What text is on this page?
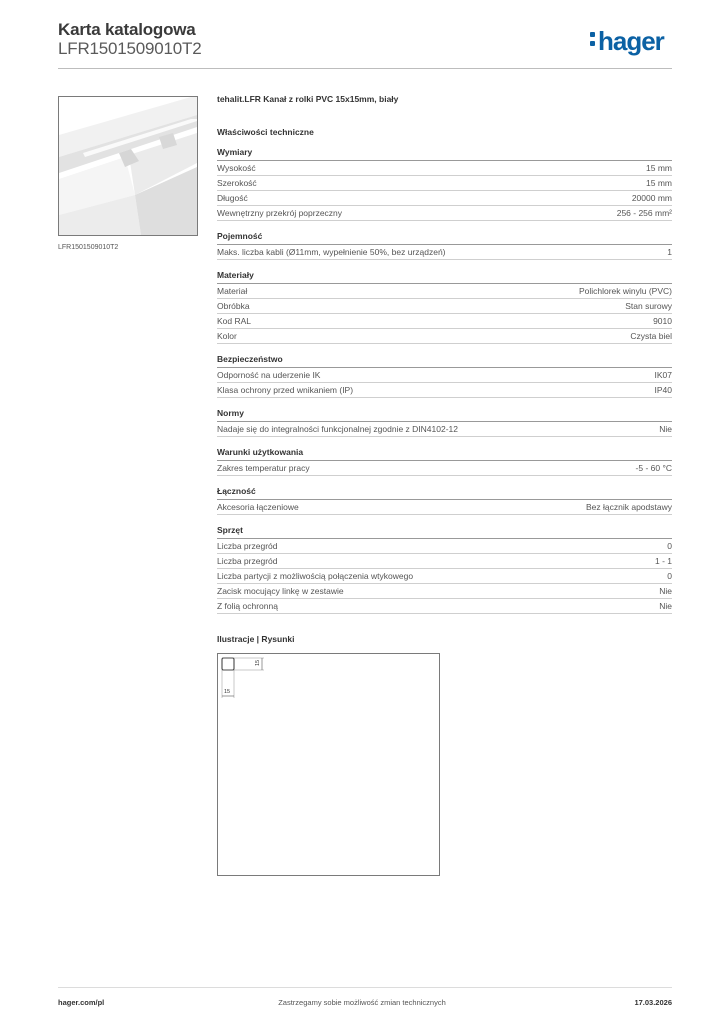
Karta katalogowa
LFR1501509010T2	hager
LFR1501509010T2
tehalit.LFR Kanał z rolki PVC 15x15mm, biały
Właściwości techniczne
Wymiary
Wysokość	15 mm
Szerokość	15 mm
Długość	20000 mm
Wewnętrzny przekrój poprzeczny	256 - 256 mm²
Pojemność
Maks. liczba kabli (Ø11mm, wypełnienie 50%, bez urządzeń)	1
Materiały
Materiał	Polichlorek winylu (PVC)
Obróbka	Stan surowy
Kod RAL	9010
Kolor	Czysta biel
Bezpieczeństwo
Odporność na uderzenie IK	IK07
Klasa ochrony przed wnikaniem (IP)	IP40
Normy
Nadaje się do integralności funkcjonalnej zgodnie z DIN4102-12	Nie
Warunki użytkowania
Zakres temperatur pracy	-5 - 60 °C
Łączność
Akcesoria łączeniowe	Bez łącznik apodstawy
Sprzęt
Liczba przegród	0
Liczba przegród	1 - 1
Liczba partycji z możliwością połączenia wtykowego	0
Zacisk mocujący linkę w zestawie	Nie
Z folią ochronną	Nie
Ilustracje | Rysunki
15
15
hager.com/pl	Zastrzegamy sobie możliwość zmian technicznych	17.03.2026
